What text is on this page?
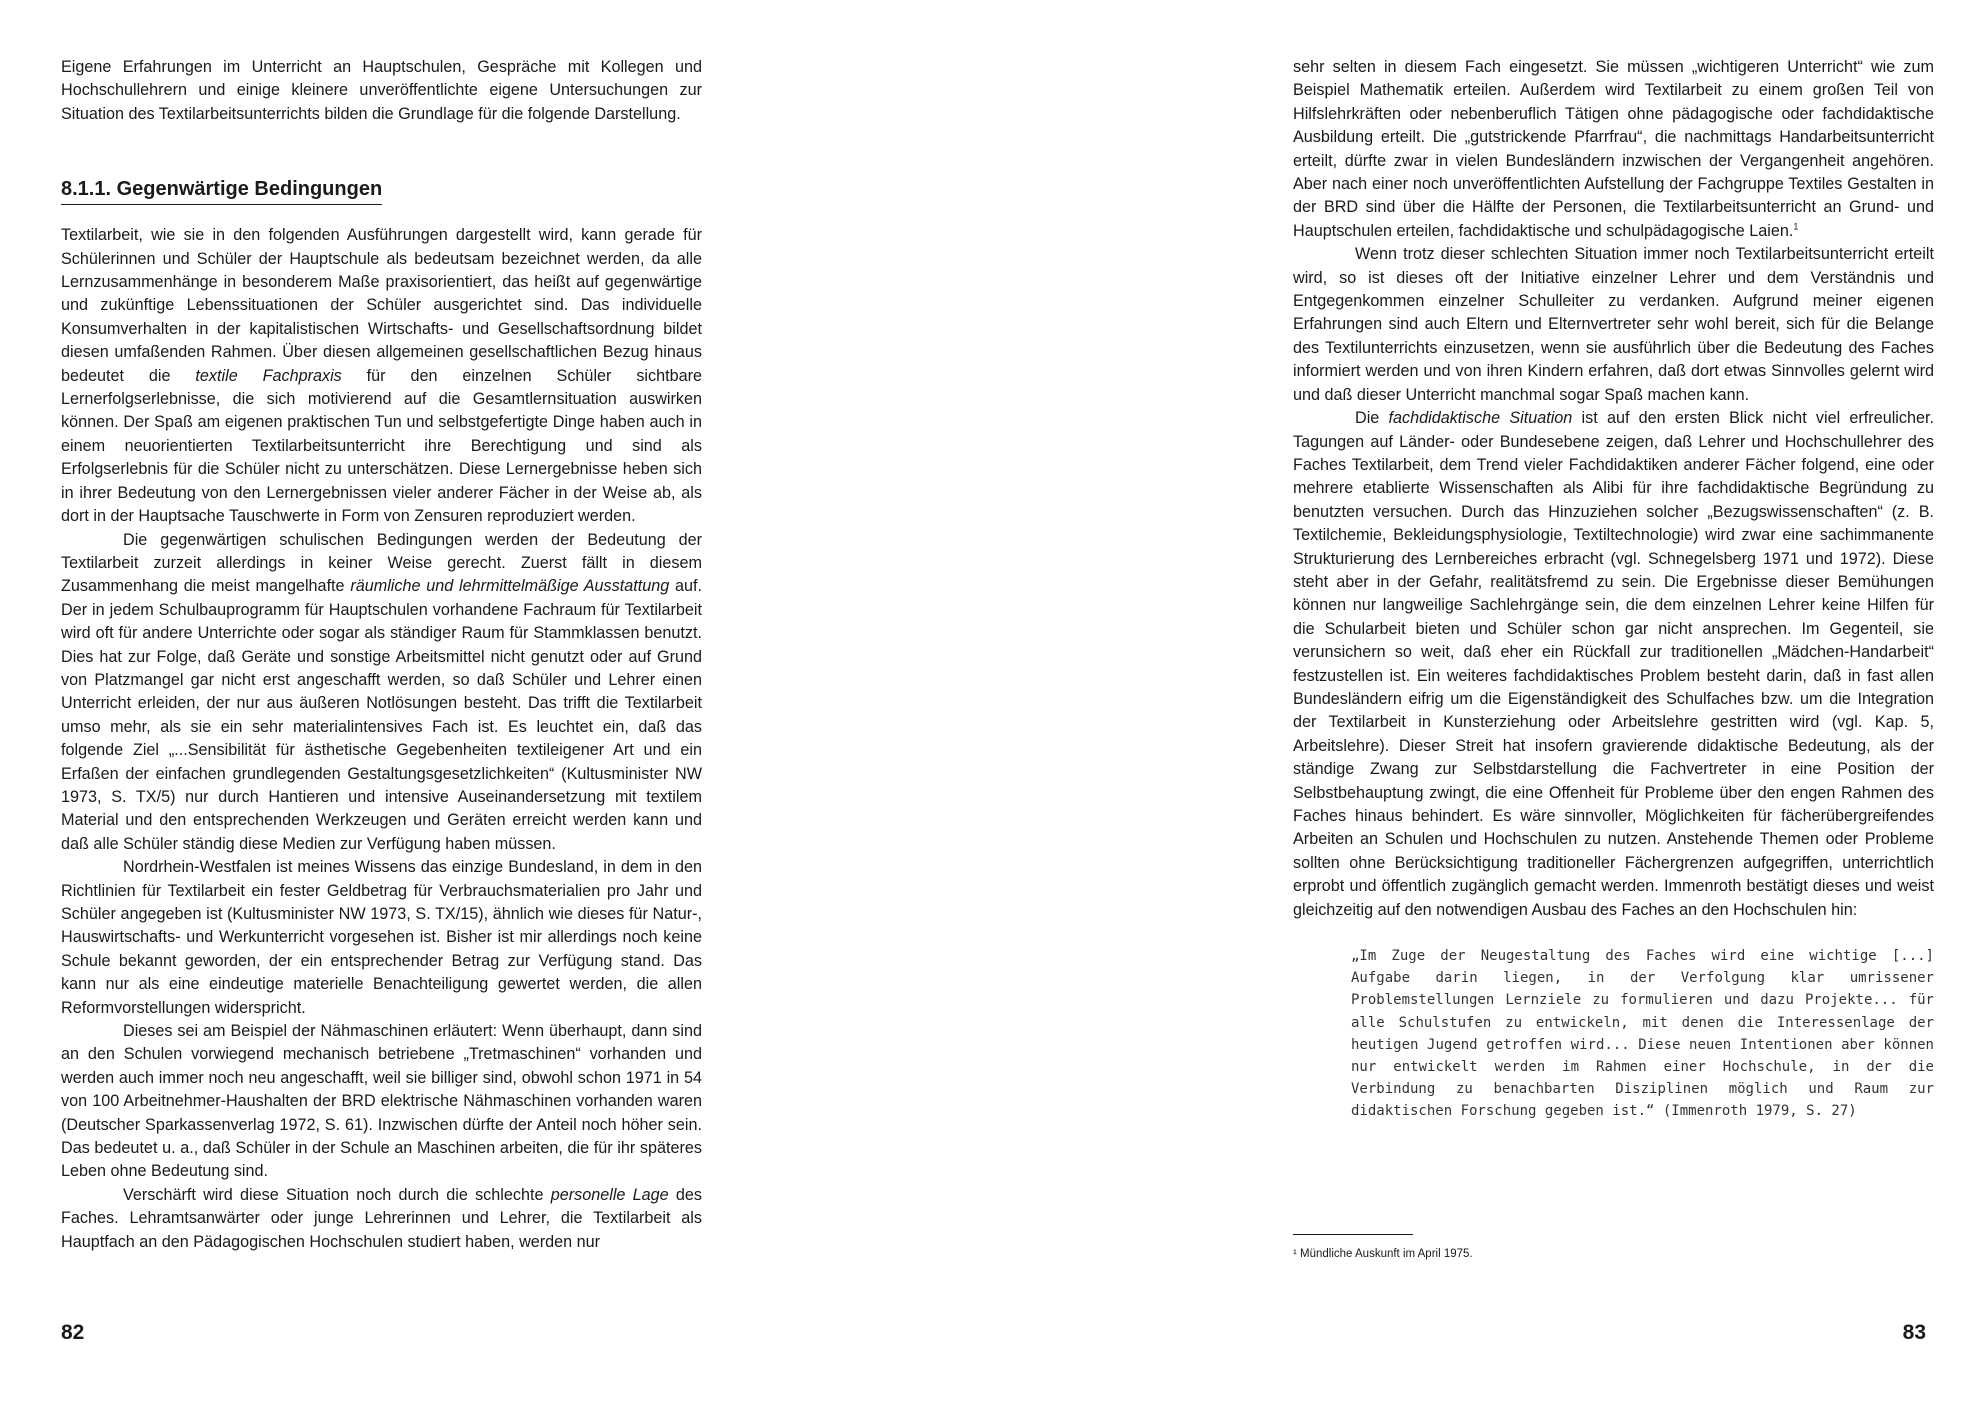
Eigene Erfahrungen im Unterricht an Hauptschulen, Gespräche mit Kollegen und Hochschullehrern und einige kleinere unveröffentlichte eigene Untersuchungen zur Situation des Textilarbeitsunterrichts bilden die Grundlage für die folgende Darstellung.

8.1.1. Gegenwärtige Bedingungen

Textilarbeit, wie sie in den folgenden Ausführungen dargestellt wird, kann gerade für Schülerinnen und Schüler der Hauptschule als bedeutsam bezeichnet werden, da alle Lernzusammenhänge in besonderem Maße praxisorientiert, das heißt auf gegenwärtige und zukünftige Lebenssituationen der Schüler ausgerichtet sind. Das individuelle Konsumverhalten in der kapitalistischen Wirtschafts- und Gesellschaftsordnung bildet diesen umfaßenden Rahmen. Über diesen allgemeinen gesellschaftlichen Bezug hinaus bedeutet die textile Fachpraxis für den einzelnen Schüler sichtbare Lernerfolgserlebnisse, die sich motivierend auf die Gesamtlernsituation auswirken können. Der Spaß am eigenen praktischen Tun und selbstgefertigte Dinge haben auch in einem neuorientierten Textilarbeitsunterricht ihre Berechtigung und sind als Erfolgserlebnis für die Schüler nicht zu unterschätzen. Diese Lernergebnisse heben sich in ihrer Bedeutung von den Lernergebnissen vieler anderer Fächer in der Weise ab, als dort in der Hauptsache Tauschwerte in Form von Zensuren reproduziert werden.

Die gegenwärtigen schulischen Bedingungen werden der Bedeutung der Textilarbeit zurzeit allerdings in keiner Weise gerecht. Zuerst fällt in diesem Zusammenhang die meist mangelhafte räumliche und lehrmittelmäßige Ausstattung auf. Der in jedem Schulbauprogramm für Hauptschulen vorhandene Fachraum für Textilarbeit wird oft für andere Unterrichte oder sogar als ständiger Raum für Stammklassen benutzt. Dies hat zur Folge, daß Geräte und sonstige Arbeitsmittel nicht genutzt oder auf Grund von Platzmangel gar nicht erst angeschafft werden, so daß Schüler und Lehrer einen Unterricht erleiden, der nur aus äußeren Notlösungen besteht. Das trifft die Textilarbeit umso mehr, als sie ein sehr materialintensives Fach ist. Es leuchtet ein, daß das folgende Ziel „...Sensibilität für ästhetische Gegebenheiten textileigener Art und ein Erfaßen der einfachen grundlegenden Gestaltungsgesetzlichkeiten“ (Kultusminister NW 1973, S. TX/5) nur durch Hantieren und intensive Auseinandersetzung mit textilem Material und den entsprechenden Werkzeugen und Geräten erreicht werden kann und daß alle Schüler ständig diese Medien zur Verfügung haben müssen.

Nordrhein-Westfalen ist meines Wissens das einzige Bundesland, in dem in den Richtlinien für Textilarbeit ein fester Geldbetrag für Verbrauchsmaterialien pro Jahr und Schüler angegeben ist (Kultusminister NW 1973, S. TX/15), ähnlich wie dieses für Natur-, Hauswirtschafts- und Werkunterricht vorgesehen ist. Bisher ist mir allerdings noch keine Schule bekannt geworden, der ein entsprechender Betrag zur Verfügung stand. Das kann nur als eine eindeutige materielle Benachteiligung gewertet werden, die allen Reformvorstellungen widerspricht.

Dieses sei am Beispiel der Nähmaschinen erläutert: Wenn überhaupt, dann sind an den Schulen vorwiegend mechanisch betriebene „Tretmaschinen“ vorhanden und werden auch immer noch neu angeschafft, weil sie billiger sind, obwohl schon 1971 in 54 von 100 Arbeitnehmer-Haushalten der BRD elektrische Nähmaschinen vorhanden waren (Deutscher Sparkassenverlag 1972, S. 61). Inzwischen dürfte der Anteil noch höher sein. Das bedeutet u. a., daß Schüler in der Schule an Maschinen arbeiten, die für ihr späteres Leben ohne Bedeutung sind.

Verschärft wird diese Situation noch durch die schlechte personelle Lage des Faches. Lehramtsanwärter oder junge Lehrerinnen und Lehrer, die Textilarbeit als Hauptfach an den Pädagogischen Hochschulen studiert haben, werden nur

82

sehr selten in diesem Fach eingesetzt. Sie müssen „wichtigeren Unterricht“ wie zum Beispiel Mathematik erteilen. Außerdem wird Textilarbeit zu einem großen Teil von Hilfslehrkräften oder nebenberuflich Tätigen ohne pädagogische oder fachdidaktische Ausbildung erteilt. Die „gutstrickende Pfarrfrau“, die nachmittags Handarbeitsunterricht erteilt, dürfte zwar in vielen Bundesländern inzwischen der Vergangenheit angehören. Aber nach einer noch unveröffentlichten Aufstellung der Fachgruppe Textiles Gestalten in der BRD sind über die Hälfte der Personen, die Textilarbeitsunterricht an Grund- und Hauptschulen erteilen, fachdidaktische und schulpädagogische Laien.$^1$

Wenn trotz dieser schlechten Situation immer noch Textilarbeitsunterricht erteilt wird, so ist dieses oft der Initiative einzelner Lehrer und dem Verständnis und Entgegenkommen einzelner Schulleiter zu verdanken. Aufgrund meiner eigenen Erfahrungen sind auch Eltern und Elternvertreter sehr wohl bereit, sich für die Belange des Textilunterrichts einzusetzen, wenn sie ausführlich über die Bedeutung des Faches informiert werden und von ihren Kindern erfahren, daß dort etwas Sinnvolles gelernt wird und daß dieser Unterricht manchmal sogar Spaß machen kann.

Die fachdidaktische Situation ist auf den ersten Blick nicht viel erfreulicher. Tagungen auf Länder- oder Bundesebene zeigen, daß Lehrer und Hochschullehrer des Faches Textilarbeit, dem Trend vieler Fachdidaktiken anderer Fächer folgend, eine oder mehrere etablierte Wissenschaften als Alibi für ihre fachdidaktische Begründung zu benutzten versuchen. Durch das Hinzuziehen solcher „Bezugswissenschaften“ (z. B. Textilchemie, Bekleidungsphysiologie, Textiltechnologie) wird zwar eine sachimmanente Strukturierung des Lernbereiches erbracht (vgl. Schnegelsberg 1971 und 1972). Diese steht aber in der Gefahr, realitätsfremd zu sein. Die Ergebnisse dieser Bemühungen können nur langweilige Sachlehrgänge sein, die dem einzelnen Lehrer keine Hilfen für die Schularbeit bieten und Schüler schon gar nicht ansprechen. Im Gegenteil, sie verunsichern so weit, daß eher ein Rückfall zur traditionellen „Mädchen-Handarbeit“ festzustellen ist. Ein weiteres fachdidaktisches Problem besteht darin, daß in fast allen Bundesländern eifrig um die Eigenständigkeit des Schulfaches bzw. um die Integration der Textilarbeit in Kunsterziehung oder Arbeitslehre gestritten wird (vgl. Kap. 5, Arbeitslehre). Dieser Streit hat insofern gravierende didaktische Bedeutung, als der ständige Zwang zur Selbstdarstellung die Fachvertreter in eine Position der Selbstbehauptung zwingt, die eine Offenheit für Probleme über den engen Rahmen des Faches hinaus behindert. Es wäre sinnvoller, Möglichkeiten für fächerübergreifendes Arbeiten an Schulen und Hochschulen zu nutzen. Anstehende Themen oder Probleme sollten ohne Berücksichtigung traditioneller Fächergrenzen aufgegriffen, unterrichtlich erprobt und öffentlich zugänglich gemacht werden. Immenroth bestätigt dieses und weist gleichzeitig auf den notwendigen Ausbau des Faches an den Hochschulen hin:

„Im Zuge der Neugestaltung des Faches wird eine wichtige [...] Aufgabe darin liegen, in der Verfolgung klar umrissener Problemstellungen Lernziele zu formulieren und dazu Projekte... für alle Schulstufen zu entwickeln, mit denen die Interessenlage der heutigen Jugend getroffen wird... Diese neuen Intentionen aber können nur entwickelt werden im Rahmen einer Hochschule, in der die Verbindung zu benachbarten Disziplinen möglich und Raum zur didaktischen Forschung gegeben ist.“ (Immenroth 1979, S. 27)
¹ Mündliche Auskunft im April 1975.
83
